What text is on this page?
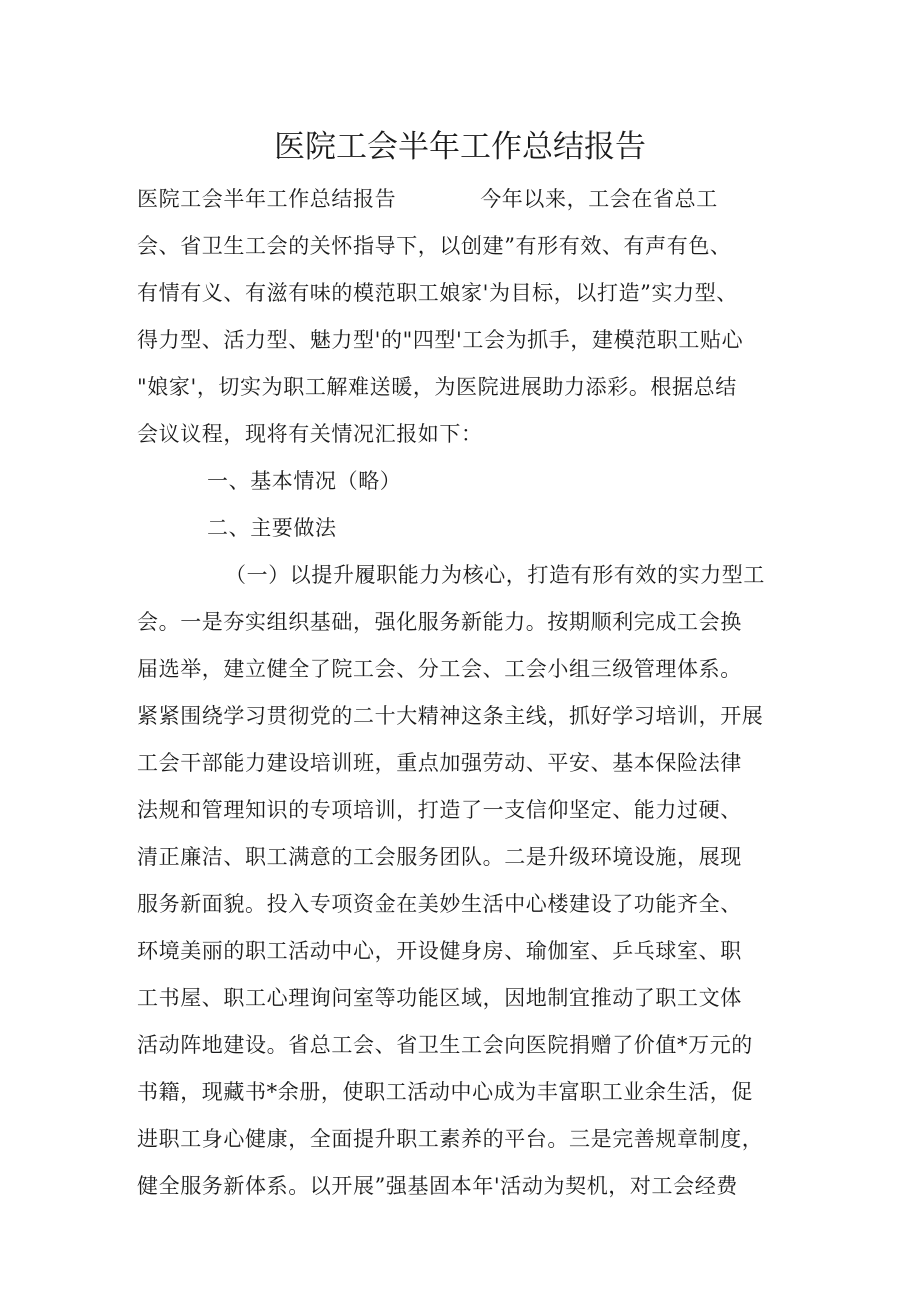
医院工会半年工作总结报告
医院工会半年工作总结报告	今年以来，工会在省总工
会、省卫生工会的关怀指导下，以创建”有形有效、有声有色、
有情有义、有滋有味的模范职工娘家'为目标，以打造”实力型、
得力型、活力型、魅力型'的"四型'工会为抓手，建模范职工贴心
"娘家'，切实为职工解难送暖，为医院进展助力添彩。根据总结
会议议程，现将有关情况汇报如下：
一、基本情况（略）
二、主要做法
（一）以提升履职能力为核心，打造有形有效的实力型工
会。一是夯实组织基础，强化服务新能力。按期顺利完成工会换
届选举，建立健全了院工会、分工会、工会小组三级管理体系。
紧紧围绕学习贯彻党的二十大精神这条主线，抓好学习培训，开展
工会干部能力建设培训班，重点加强劳动、平安、基本保险法律
法规和管理知识的专项培训，打造了一支信仰坚定、能力过硬、
清正廉洁、职工满意的工会服务团队。二是升级环境设施，展现
服务新面貌。投入专项资金在美妙生活中心楼建设了功能齐全、
环境美丽的职工活动中心，开设健身房、瑜伽室、乒乓球室、职
工书屋、职工心理询问室等功能区域，因地制宜推动了职工文体
活动阵地建设。省总工会、省卫生工会向医院捐赠了价值*万元的
书籍，现藏书*余册，使职工活动中心成为丰富职工业余生活，促
进职工身心健康，全面提升职工素养的平台。三是完善规章制度，
健全服务新体系。以开展”强基固本年'活动为契机，对工会经费
